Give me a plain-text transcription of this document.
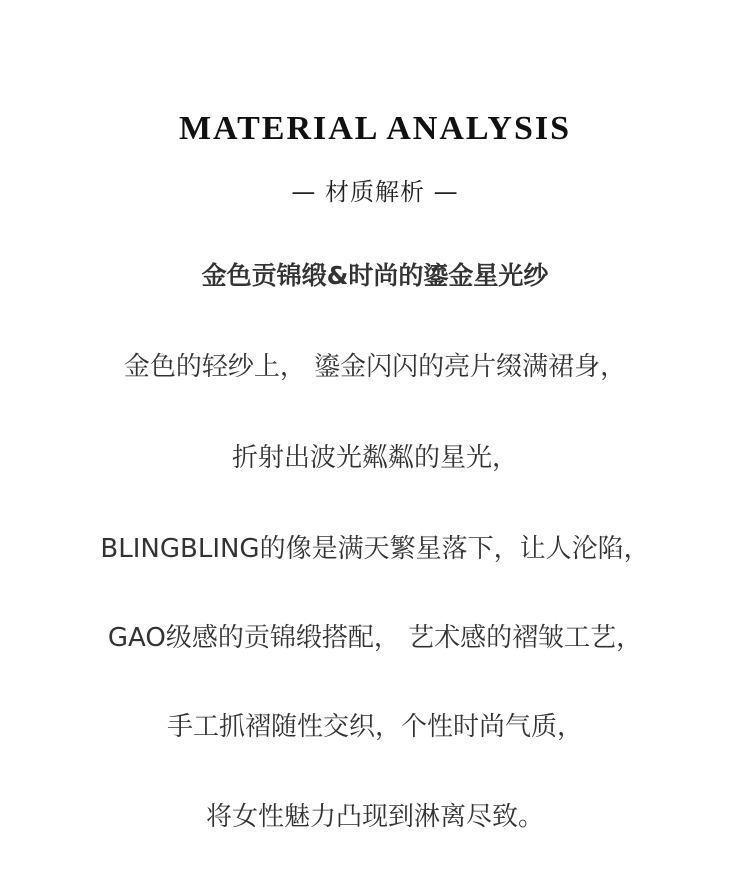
MATERIAL ANALYSIS
— 材质解析 —
金色贡锦缎&时尚的鎏金星光纱
金色的轻纱上， 鎏金闪闪的亮片缀满裙身，
折射出波光粼粼的星光，
BLINGBLING的像是满天繁星落下，让人沦陷，
GAO级感的贡锦缎搭配， 艺术感的褶皱工艺，
手工抓褶随性交织，个性时尚气质，
将女性魅力凸现到淋离尽致。
